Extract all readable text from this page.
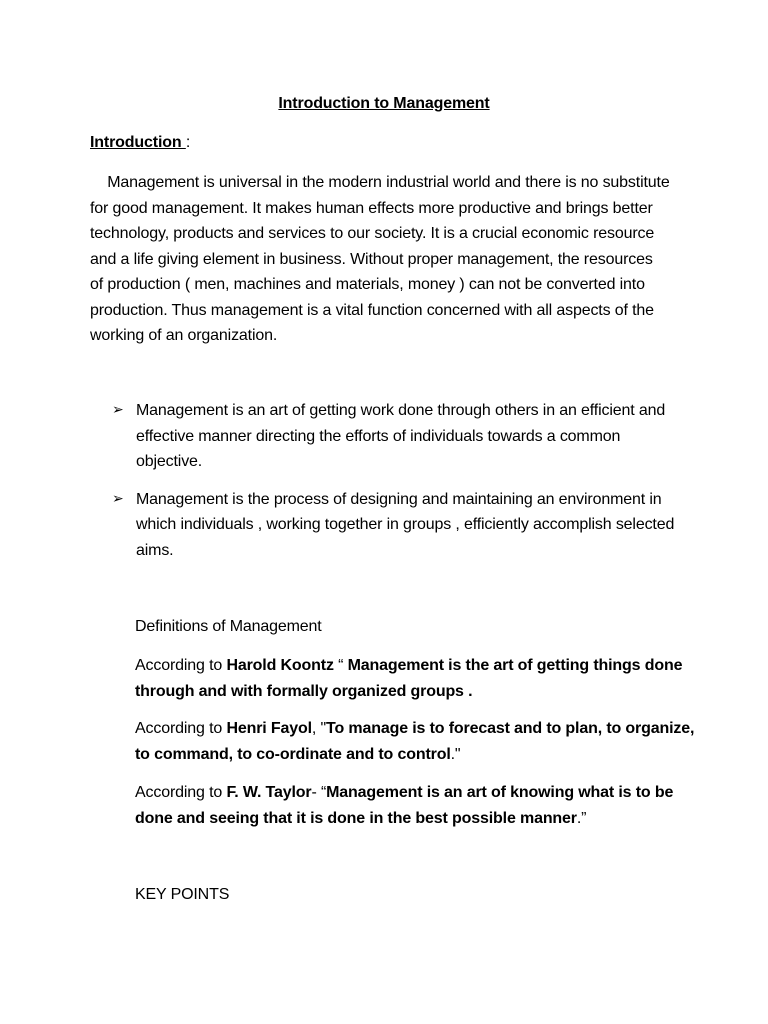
Introduction to Management
Introduction :

Management is universal in the modern industrial world and there is no substitute for good management. It makes human effects more productive and brings better technology, products and services to our society. It is a crucial economic resource and a life giving element in business. Without proper management, the resources of production ( men, machines and materials, money ) can not be converted into production. Thus management is a vital function concerned with all aspects of the working of an organization.

➢ Management is an art of getting work done through others in an efficient and effective manner directing the efforts of individuals towards a common objective.
➢ Management is the process of designing and maintaining an environment in which individuals , working together in groups , efficiently accomplish selected aims.
Definitions of Management

According to Harold Koontz “ Management is the art of getting things done through and with formally organized groups .

According to Henri Fayol, "To manage is to forecast and to plan, to organize, to command, to co-ordinate and to control."

According to F. W. Taylor- “Management is an art of knowing what is to be done and seeing that it is done in the best possible manner.”

KEY POINTS
